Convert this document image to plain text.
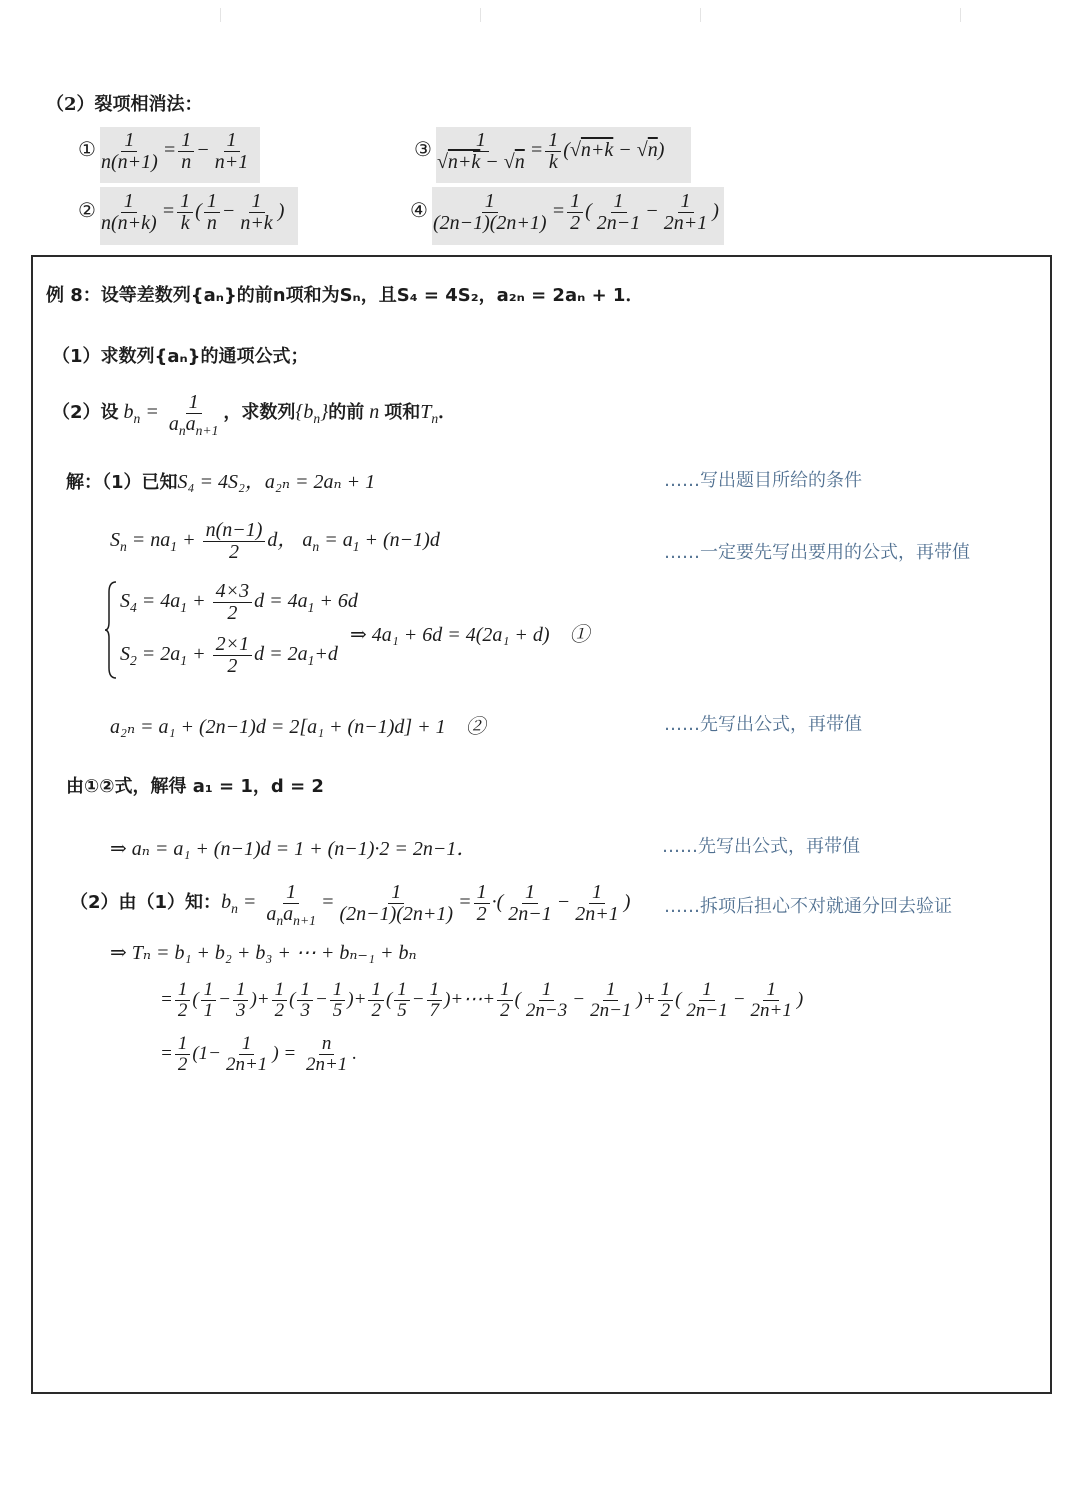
（2）裂项相消法：
① $\frac{1}{n(n+1)} = \frac{1}{n} - \frac{1}{n+1}$
② $\frac{1}{n(n+k)} = \frac{1}{k}$ ( $\frac{1}{n} - \frac{1}{n+k}$ )
③ $\frac{1}{√n+k - √n} = \frac{1}{k} (√n+k - √n)$
④ $\frac{1}{(2n-1)(2n+1)} = \frac{1}{2}$ ( $\frac{1}{2n-1} - \frac{1}{2n+1}$ )
例 8：设等差数列{aₙ}的前n项和为Sₙ，且S₄ = 4S₂，a₂ₙ = 2aₙ + 1．
（1）求数列{aₙ}的通项公式；
（2）设 $b_n = \frac{1}{a_na_{n+1}}$ ，求数列$\{b_n\}$的前 n 项和$T_n$．
解：（1）已知S₄ = 4S₂，a₂ₙ = 2aₙ + 1	……写出题目所给的条件
$S_n = na_1 + \frac{n(n-1)}{2}$ d， $a_n = a_1 + (n-1)d$
……一定要先写出要用的公式，再带值
$S_4 = 4a_1 + \frac{4\times 3}{2}$ $d = 4a_1 + 6d$
$S_2 = 2a_1 + \frac{2\times 1}{2}$ $d = 2a_1+d$
⇒ 4a₁ + 6d = 4(2a₁ + d)　①
a₂ₙ = a₁ + (2n−1)d = 2[a₁ + (n−1)d] + 1　②	……先写出公式，再带值
由①②式，解得 a₁ = 1，d = 2
⇒ aₙ = a₁ + (n−1)d = 1 + (n−1)·2 = 2n−1．	……先写出公式，再带值
（2）由（1）知：$b_n = \frac{1}{a_na_{n+1}} = \frac{1}{(2n-1)(2n+1)} = \frac{1}{2}$ ·( $\frac{1}{2n-1} - \frac{1}{2n+1}$ ) ……拆项后担心不对就通分回去验证
⇒ Tₙ = b₁ + b₂ + b₃ + ⋯ + bₙ₋₁ + bₙ
= $\frac{1}{2}$ ( $\frac{1}{1} - \frac{1}{3}$ )+ $\frac{1}{2}$ ( $\frac{1}{3} - \frac{1}{5}$ )+ $\frac{1}{2}$ ( $\frac{1}{5} - \frac{1}{7}$ )+⋯+ $\frac{1}{2}$ ( $\frac{1}{2n-3} - \frac{1}{2n-1}$ )+ $\frac{1}{2}$ ( $\frac{1}{2n-1} - \frac{1}{2n+1}$ )
= $\frac{1}{2} (1- \frac{1}{2n+1}$ ) = $\frac{n}{2n+1}$ .
